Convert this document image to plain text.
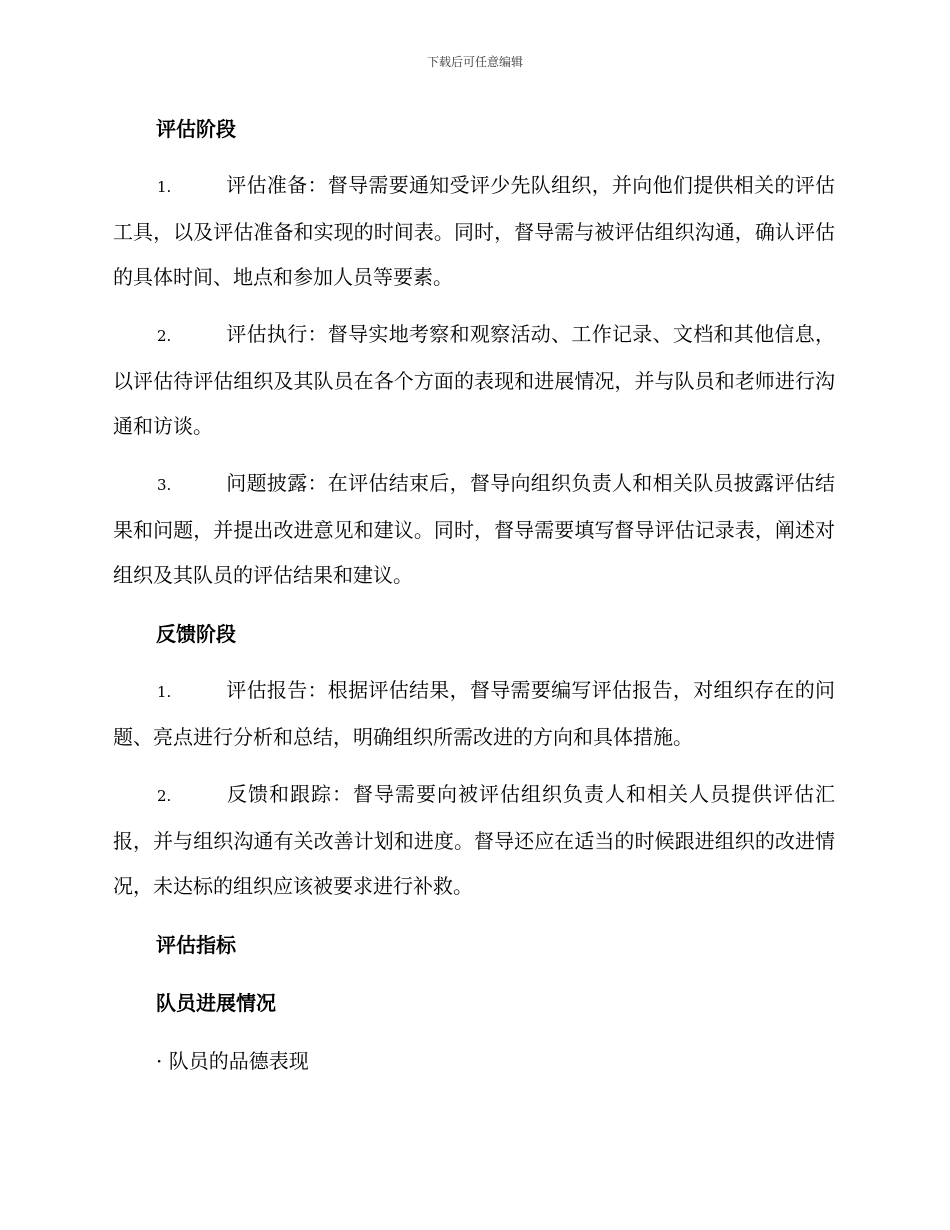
下载后可任意编辑
评估阶段

1.	评估准备：督导需要通知受评少先队组织，并向他们提供相关的评估工具，以及评估准备和实现的时间表。同时，督导需与被评估组织沟通，确认评估的具体时间、地点和参加人员等要素。

2.	评估执行：督导实地考察和观察活动、工作记录、文档和其他信息，以评估待评估组织及其队员在各个方面的表现和进展情况，并与队员和老师进行沟通和访谈。

3.	问题披露：在评估结束后，督导向组织负责人和相关队员披露评估结果和问题，并提出改进意见和建议。同时，督导需要填写督导评估记录表，阐述对组织及其队员的评估结果和建议。

反馈阶段

1.	评估报告：根据评估结果，督导需要编写评估报告，对组织存在的问题、亮点进行分析和总结，明确组织所需改进的方向和具体措施。

2.	反馈和跟踪：督导需要向被评估组织负责人和相关人员提供评估汇报，并与组织沟通有关改善计划和进度。督导还应在适当的时候跟进组织的改进情况，未达标的组织应该被要求进行补救。

评估指标
队员进展情况
· 队员的品德表现
